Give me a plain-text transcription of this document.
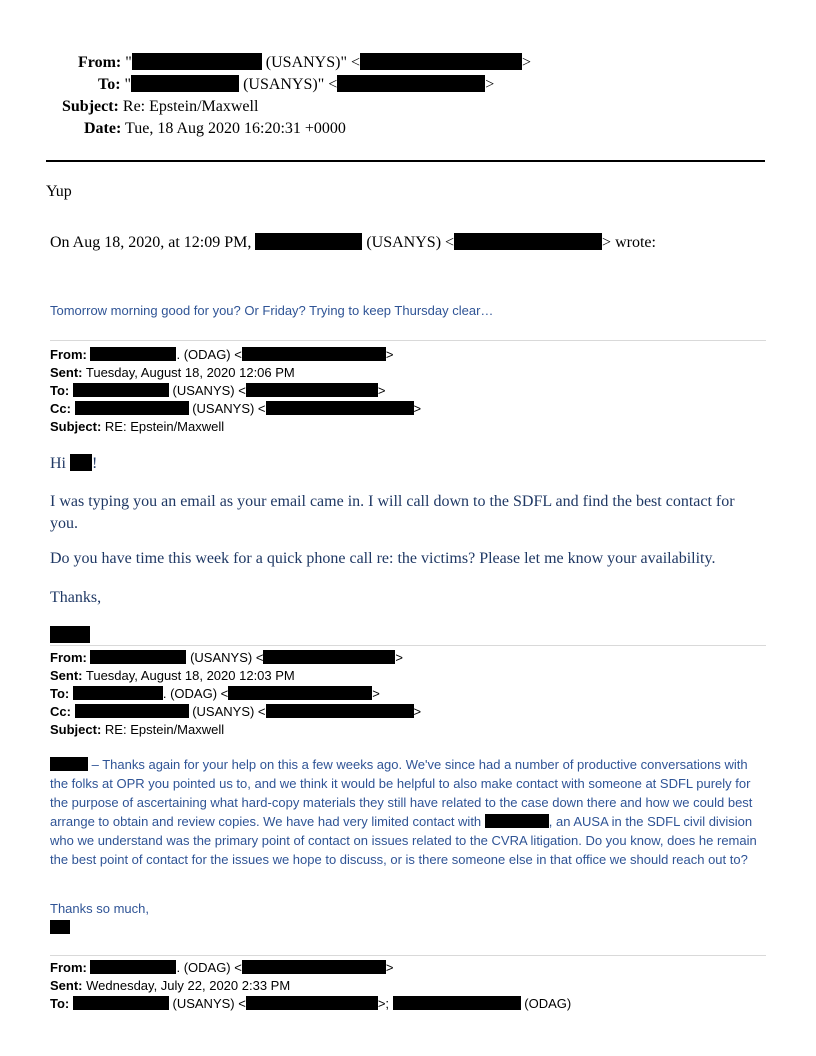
From: "	(USANYS)" <	>
To: "	(USANYS)" <	>
Subject: Re: Epstein/Maxwell
Date: Tue, 18 Aug 2020 16:20:31 +0000
Yup
On Aug 18, 2020, at 12:09 PM,	(USANYS) <	> wrote:
Tomorrow morning good for you? Or Friday? Trying to keep Thursday clear…
From:	. (ODAG) <	>
Sent: Tuesday, August 18, 2020 12:06 PM
To:	(USANYS) <	>
Cc:	(USANYS) <	>
Subject: RE: Epstein/Maxwell
Hi !
I was typing you an email as your email came in. I will call down to the SDFL and find the best contact for you.
Do you have time this week for a quick phone call re: the victims? Please let me know your availability.
Thanks,
From:	(USANYS) <	>
Sent: Tuesday, August 18, 2020 12:03 PM
To:	. (ODAG) <	>
Cc:	(USANYS) <	>
Subject: RE: Epstein/Maxwell
– Thanks again for your help on this a few weeks ago. We've since had a number of productive conversations with the folks at OPR you pointed us to, and we think it would be helpful to also make contact with someone at SDFL purely for the purpose of ascertaining what hard-copy materials they still have related to the case down there and how we could best arrange to obtain and review copies. We have had very limited contact with	, an AUSA in the SDFL civil division who we understand was the primary point of contact on issues related to the CVRA litigation. Do you know, does he remain the best point of contact for the issues we hope to discuss, or is there someone else in that office we should reach out to?
Thanks so much,
From:	. (ODAG) <	>
Sent: Wednesday, July 22, 2020 2:33 PM
To:	(USANYS) <	>;	(ODAG)
